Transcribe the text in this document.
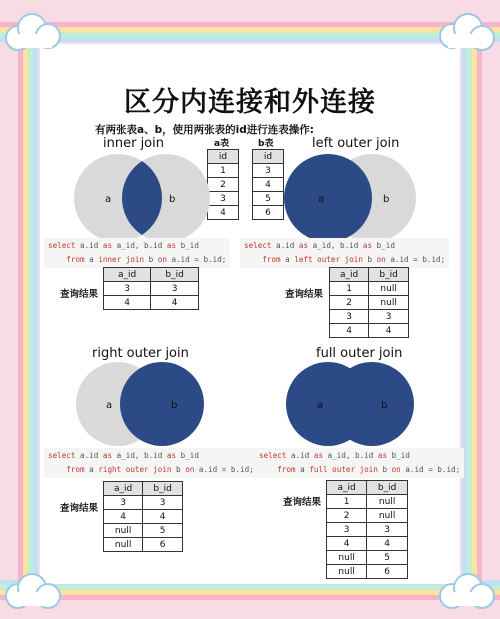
区分内连接和外连接
有两张表a、b，使用两张表的id进行连表操作:
a表
id
1
2
3
4
b表
id
3
4
5
6
inner join
a	b
select a.id as a_id, b.id as b_id
from a inner join b on a.id = b.id;
查询结果
a_id	b_id
3	3
4	4
left outer join
a	b
select a.id as a_id, b.id as b_id
from a left outer join b on a.id = b.id;
查询结果
a_id	b_id
1	null
2	null
3	3
4	4
right outer join
a	b
select a.id as a_id, b.id as b_id
from a right outer join b on a.id = b.id;
查询结果
a_id	b_id
3	3
4	4
null	5
null	6
full outer join
a	b
select a.id as a_id, b.id as b_id
from a full outer join b on a.id = b.id;
查询结果
a_id	b_id
1	null
2	null
3	3
4	4
null	5
null	6
